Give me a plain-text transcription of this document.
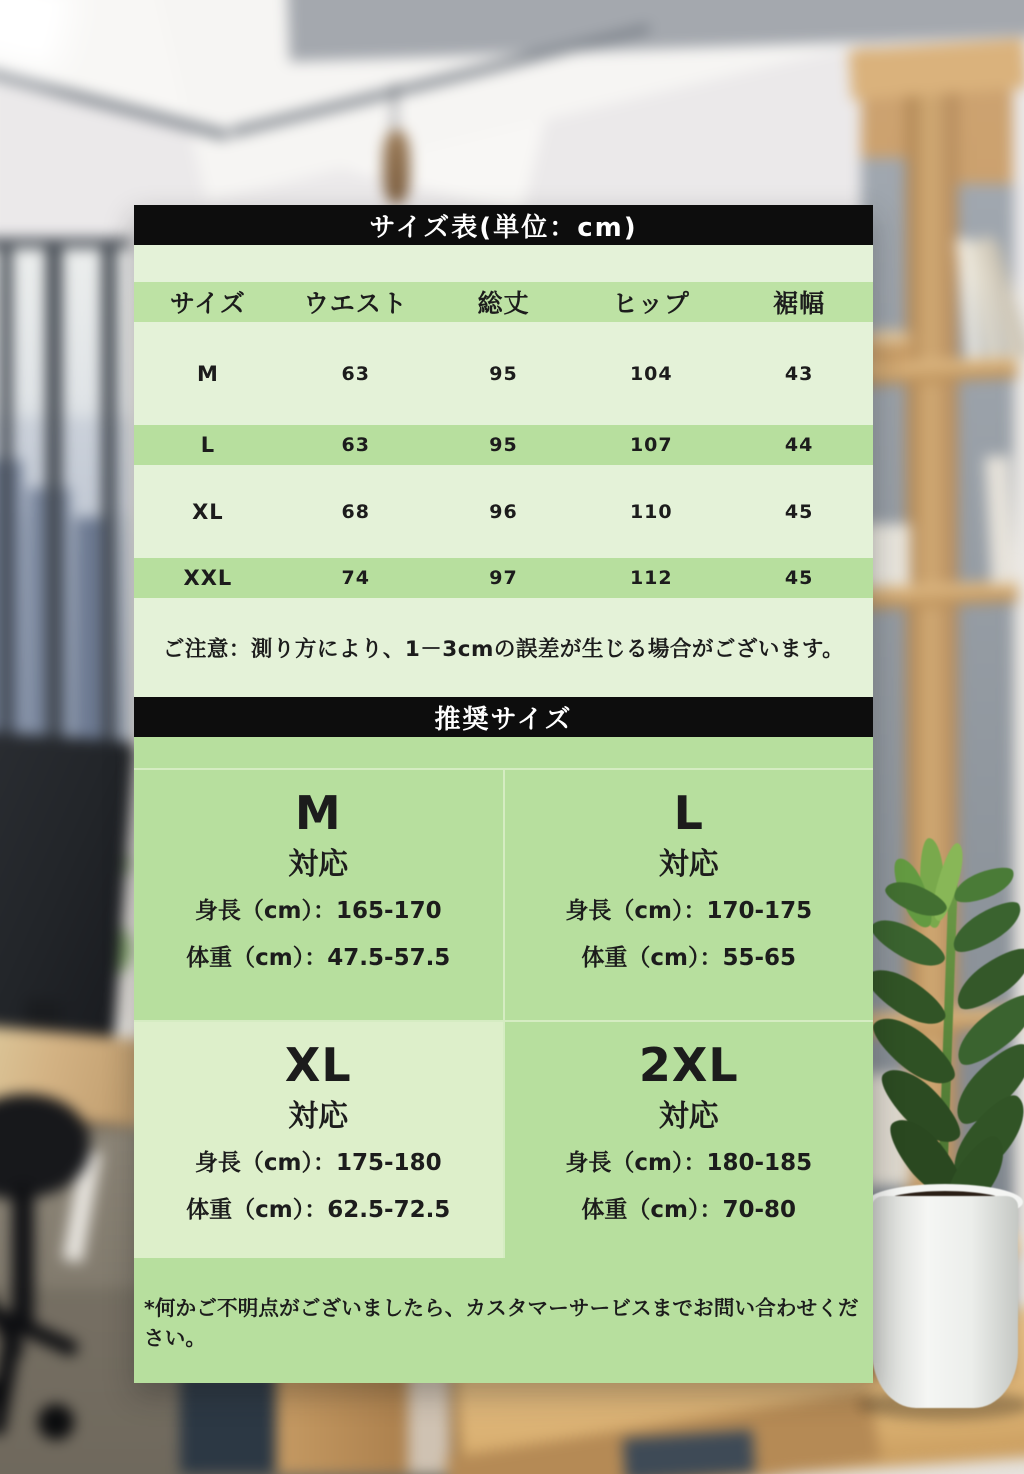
サイズ表(単位：cm)
サイズ	ウエスト	総丈	ヒップ	裾幅
M	63	95	104	43
L	63	95	107	44
XL	68	96	110	45
XXL	74	97	112	45
ご注意：測り方により、1－3cmの誤差が生じる場合がございます。
推奨サイズ
M
対応
身長（cm）：165-170
体重（cm）：47.5-57.5
L
対応
身長（cm）：170-175
体重（cm）：55-65
XL
対応
身長（cm）：175-180
体重（cm）：62.5-72.5
2XL
対応
身長（cm）：180-185
体重（cm）：70-80
*何かご不明点がございましたら、カスタマーサービスまでお問い合わせください。
